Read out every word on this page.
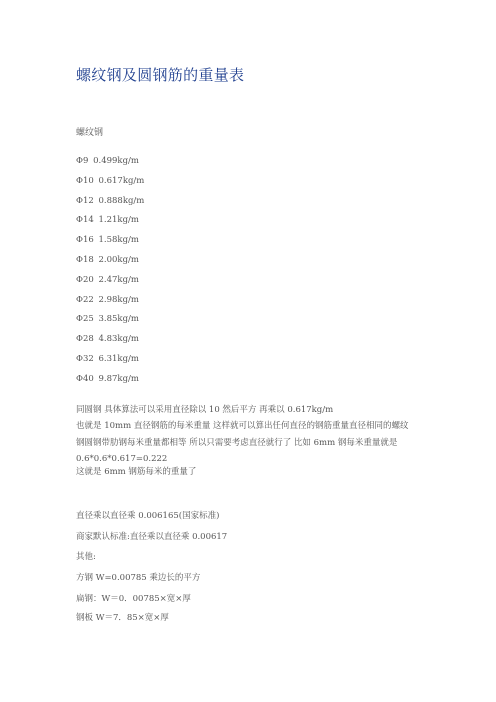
螺纹钢及圆钢筋的重量表
螺纹钢
Φ9 0.499kg/m
Φ10 0.617kg/m
Φ12 0.888kg/m
Φ14 1.21kg/m
Φ16 1.58kg/m
Φ18 2.00kg/m
Φ20 2.47kg/m
Φ22 2.98kg/m
Φ25 3.85kg/m
Φ28 4.83kg/m
Φ32 6.31kg/m
Φ40 9.87kg/m
同圆钢 具体算法可以采用直径除以 10 然后平方 再乘以 0.617kg/m
也就是 10mm 直径钢筋的每米重量 这样就可以算出任何直径的钢筋重量直径相同的螺纹
钢圆钢带肋钢每米重量都相等 所以只需要考虑直径就行了 比如 6mm 钢每米重量就是
0.6*0.6*0.617=0.222
这就是 6mm 钢筋每米的重量了
直径乘以直径乘 0.006165(国家标准)
商家默认标准:直径乘以直径乘 0.00617
其他:
方钢 W=0.00785 乘边长的平方
扁钢：W＝0．00785×宽×厚
钢板 W＝7．85×宽×厚
